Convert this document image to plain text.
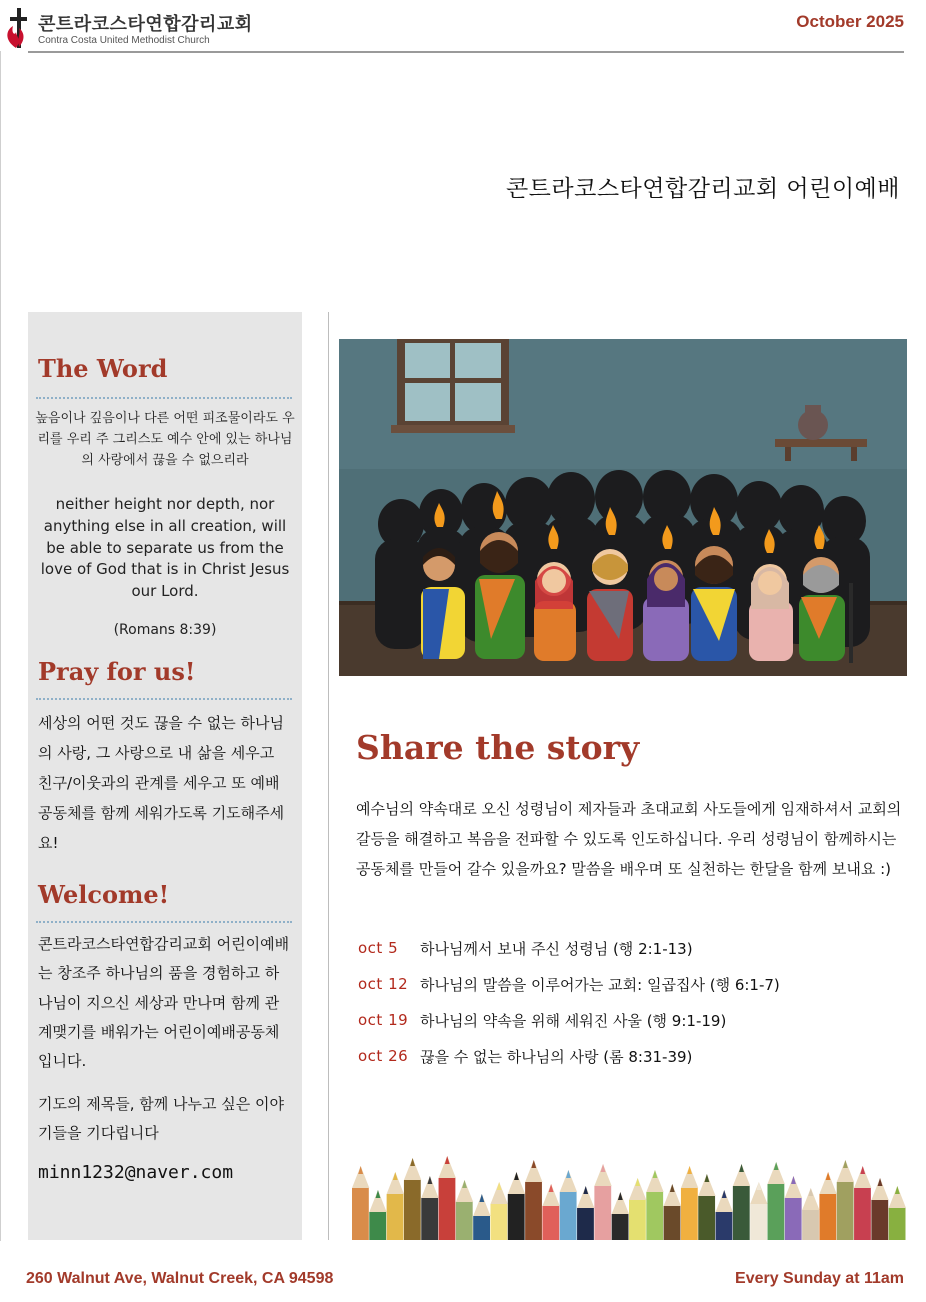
콘트라코스타연합감리교회
Contra Costa United Methodist Church
October 2025
콘트라코스타연합감리교회 어린이예배
The Word
높음이나 깊음이나 다른 어떤 피조물이라도 우리를 우리 주 그리스도 예수 안에 있는 하나님의 사랑에서 끊을 수 없으리라
neither height nor depth, nor anything else in all creation, will be able to separate us from the love of God that is in Christ Jesus our Lord.
(Romans 8:39)
Pray for us!
세상의 어떤 것도 끊을 수 없는 하나님의 사랑, 그 사랑으로 내 삶을 세우고 친구/이웃과의 관계를 세우고 또 예배 공동체를 함께 세워가도록 기도해주세요!
Welcome!
콘트라코스타연합감리교회 어린이예배는 창조주 하나님의 품을 경험하고 하나님이 지으신 세상과 만나며 함께 관계맺기를 배워가는 어린이예배공동체 입니다.
기도의 제목들, 함께 나누고 싶은 이야기들을 기다립니다
minn1232@naver.com
Share the story
예수님의 약속대로 오신 성령님이 제자들과 초대교회 사도들에게 임재하셔서 교회의 갈등을 해결하고 복음을 전파할 수 있도록 인도하십니다. 우리 성령님이 함께하시는 공동체를 만들어 갈수 있을까요? 말씀을 배우며 또 실천하는 한달을 함께 보내요 :)
oct 5	하나님께서 보내 주신 성령님 (행 2:1-13)
oct 12 하나님의 말씀을 이루어가는 교회: 일곱집사 (행 6:1-7)
oct 19 하나님의 약속을 위해 세워진 사울 (행 9:1-19)
oct 26 끊을 수 없는 하나님의 사랑 (롬 8:31-39)
260 Walnut Ave, Walnut Creek, CA 94598	Every Sunday at 11am
